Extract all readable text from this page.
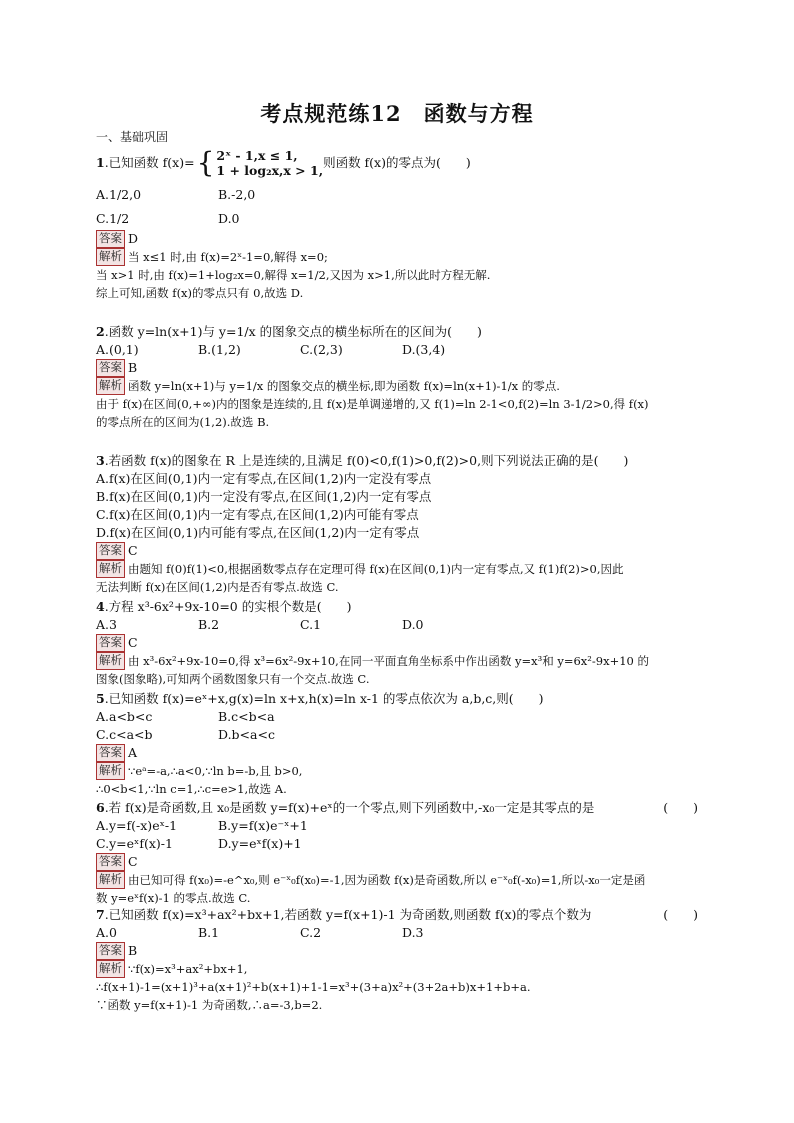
考点规范练12　函数与方程
一、基础巩固
1 .已知函数 f(x)= { 2ˣ - 1,x ≤ 1,
1 + log₂x,x > 1,
则函数 f(x)的零点为(　　)
A.1/2,0	B.-2,0
C.1/2	D.0
答案 D
解析 当 x≤1 时,由 f(x)=2ˣ-1=0,解得 x=0;
当 x>1 时,由 f(x)=1+log₂x=0,解得 x=1/2,又因为 x>1,所以此时方程无解.
综上可知,函数 f(x)的零点只有 0,故选 D.
2 .函数 y=ln(x+1)与 y=1/x 的图象交点的横坐标所在的区间为(　　)
A.(0,1)	B.(1,2)	C.(2,3)	D.(3,4)
答案 B
解析 函数 y=ln(x+1)与 y=1/x 的图象交点的横坐标,即为函数 f(x)=ln(x+1)-1/x 的零点.
由于 f(x)在区间(0,+∞)内的图象是连续的,且 f(x)是单调递增的,又 f(1)=ln 2-1<0,f(2)=ln 3-1/2>0,得 f(x)
的零点所在的区间为(1,2).故选 B.
3 .若函数 f(x)的图象在 R 上是连续的,且满足 f(0)<0,f(1)>0,f(2)>0,则下列说法正确的是(　　)
A.f(x)在区间(0,1)内一定有零点,在区间(1,2)内一定没有零点
B.f(x)在区间(0,1)内一定没有零点,在区间(1,2)内一定有零点
C.f(x)在区间(0,1)内一定有零点,在区间(1,2)内可能有零点
D.f(x)在区间(0,1)内可能有零点,在区间(1,2)内一定有零点
答案 C
解析 由题知 f(0)f(1)<0,根据函数零点存在定理可得 f(x)在区间(0,1)内一定有零点,又 f(1)f(2)>0,因此
无法判断 f(x)在区间(1,2)内是否有零点.故选 C.
4 .方程 x³-6x²+9x-10=0 的实根个数是(　　)
A.3	B.2	C.1	D.0
答案 C
解析 由 x³-6x²+9x-10=0,得 x³=6x²-9x+10,在同一平面直角坐标系中作出函数 y=x³和 y=6x²-9x+10 的
图象(图象略),可知两个函数图象只有一个交点.故选 C.
5 .已知函数 f(x)=eˣ+x,g(x)=ln x+x,h(x)=ln x-1 的零点依次为 a,b,c,则(　　)
A.a<b<c	B.c<b<a
C.c<a<b	D.b<a<c
答案 A
解析 ∵eᵃ=-a,∴a<0,∵ln b=-b,且 b>0,
∴0<b<1,∵ln c=1,∴c=e>1,故选 A.
6 .若 f(x)是奇函数,且 x₀是函数 y=f(x)+eˣ的一个零点,则下列函数中,-x₀一定是其零点的是	(　　)
A.y=f(-x)eˣ-1	B.y=f(x)e⁻ˣ+1
C.y=eˣf(x)-1	D.y=eˣf(x)+1
答案 C
解析 由已知可得 f(x₀)=-e^x₀,则 e⁻ˣ₀f(x₀)=-1,因为函数 f(x)是奇函数,所以 e⁻ˣ₀f(-x₀)=1,所以-x₀一定是函
数 y=eˣf(x)-1 的零点.故选 C.
7 .已知函数 f(x)=x³+ax²+bx+1,若函数 y=f(x+1)-1 为奇函数,则函数 f(x)的零点个数为	(　　)
A.0	B.1	C.2	D.3
答案 B
解析 ∵f(x)=x³+ax²+bx+1,
∴f(x+1)-1=(x+1)³+a(x+1)²+b(x+1)+1-1=x³+(3+a)x²+(3+2a+b)x+1+b+a.
∵函数 y=f(x+1)-1 为奇函数,∴a=-3,b=2.
